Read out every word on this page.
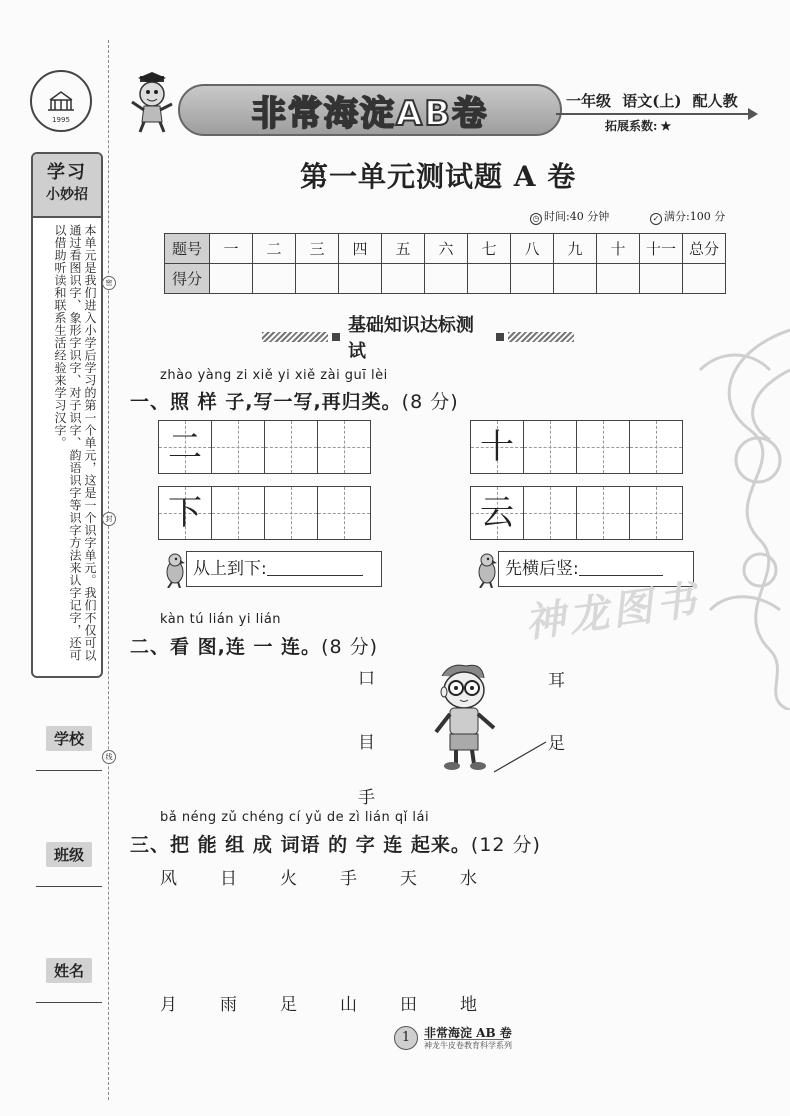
1995
学习
小妙招
本单元是我们进入小学后学习的第一个单元，这是一个识字单元。我们不仅可以通过看图识字、象形字识字、对子识字、韵语识字等识字方法来认字记字，还可以借助听读和联系生活经验来学习汉字。	密
封
线
学校
班级
姓名
非常海淀AB卷	一年级 语文(上) 配人教
拓展系数: ★
第一单元测试题 A 卷
◷ 时间:40 分钟	✓ 满分:100 分
题号	一	二	三	四	五	六	七	八	九	十	十一	总分
得分												
基础知识达标测试
zhào yàng zi xiě yi xiě zài guī lèi
一、照 样 子,写一写,再归类。(8 分)
二	十
下	云
从上到下:	先横后竖:
神龙图书
kàn tú lián yi lián
二、看 图,连 一 连。(8 分)
口
目
手
耳
足
bǎ néng zǔ chéng cí yǔ de zì lián qǐ lái
三、把 能 组 成 词语 的 字 连 起来。(12 分)
风	日	火	手	天	水
月	雨	足	山	田	地
1	非常海淀 AB 卷
神龙牛皮卷教育科学系列
